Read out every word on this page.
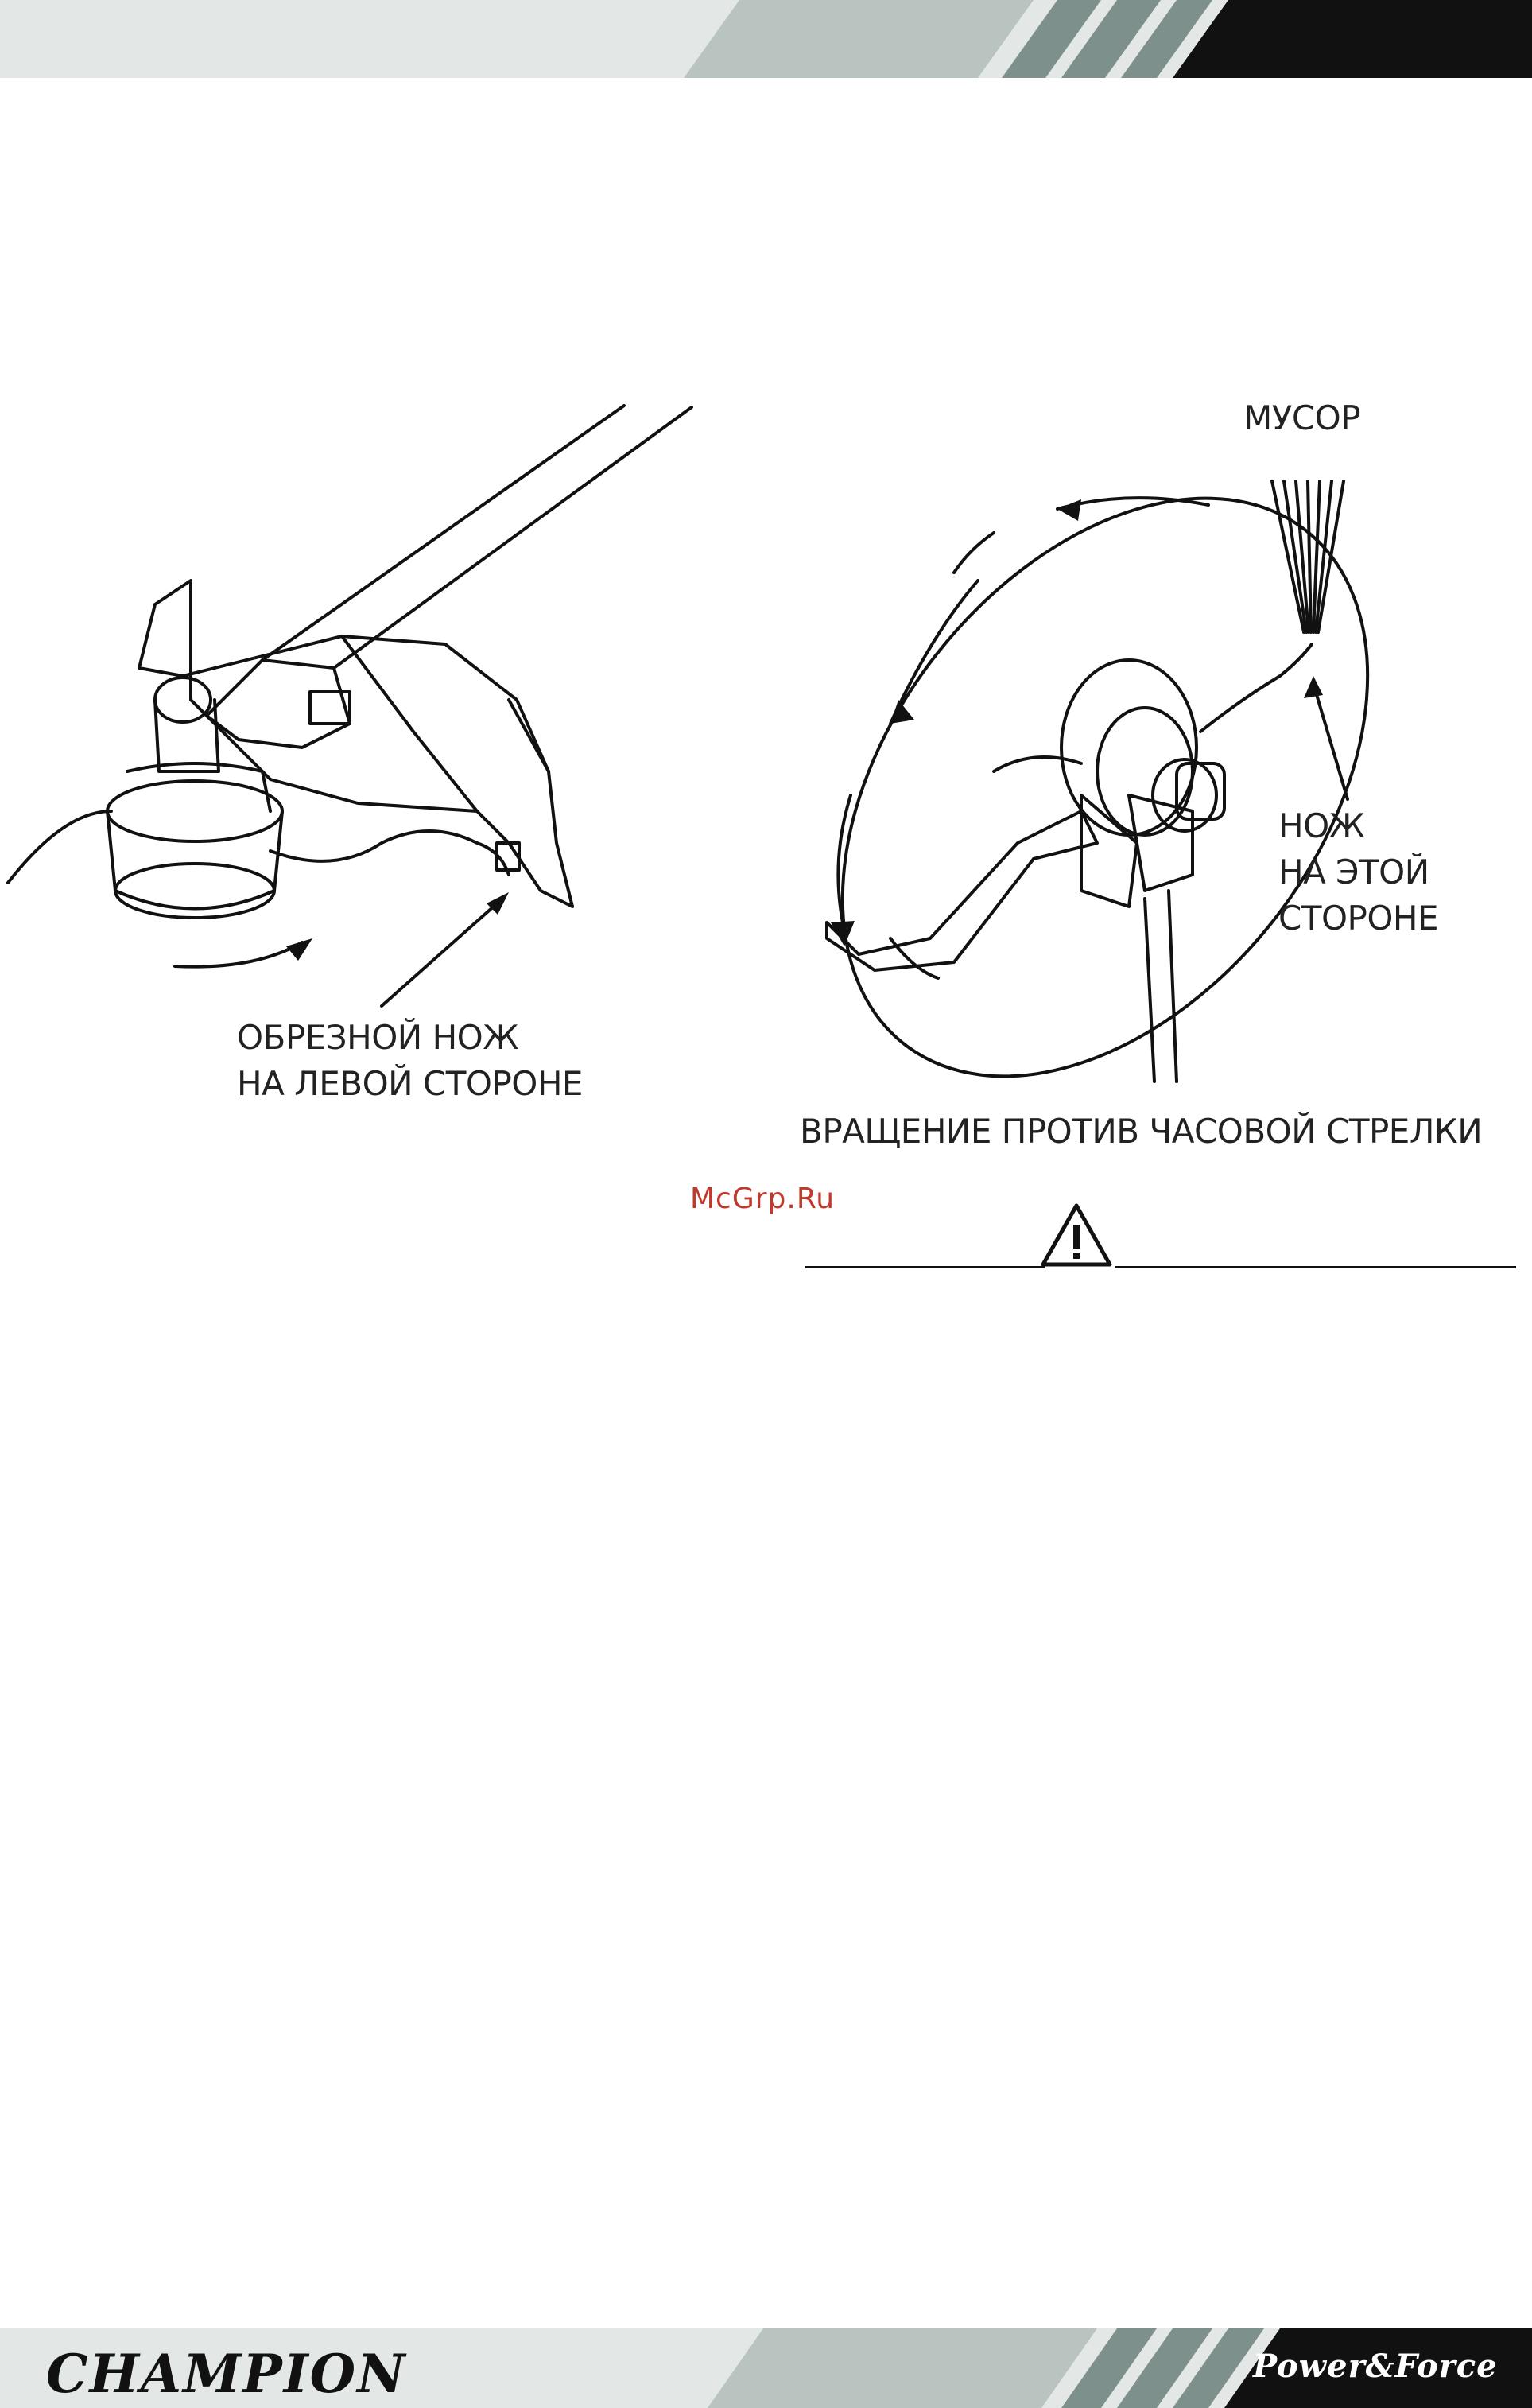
ОБРЕЗНОЙ НОЖ
НА ЛЕВОЙ СТОРОНЕ
МУСОР
НОЖ
НА ЭТОЙ
СТОРОНЕ
ВРАЩЕНИЕ ПРОТИВ ЧАСОВОЙ СТРЕЛКИ
McGrp.Ru
CHAMPION	Power&Force
